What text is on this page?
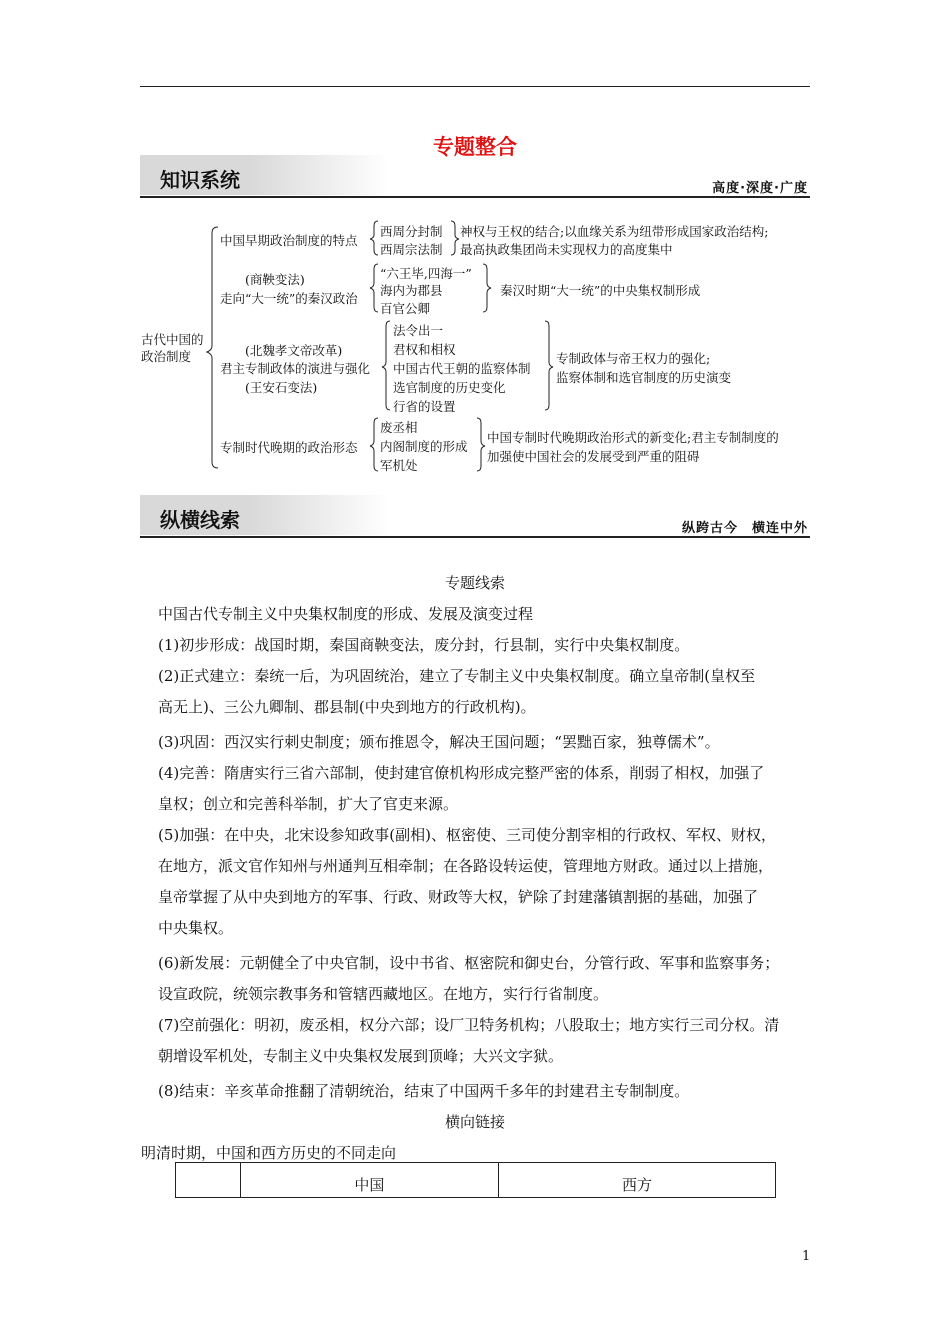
专题整合
知识系统	高度·深度·广度
古代中国的
政治制度
中国早期政治制度的特点
西周分封制
西周宗法制
神权与王权的结合;以血缘关系为纽带形成国家政治结构;
最高执政集团尚未实现权力的高度集中
(商鞅变法)
走向“大一统”的秦汉政治
“六王毕,四海一”
海内为郡县
百官公卿
秦汉时期“大一统”的中央集权制形成
(北魏孝文帝改革)
君主专制政体的演进与强化
(王安石变法)
法令出一
君权和相权
中国古代王朝的监察体制
选官制度的历史变化
行省的设置
专制政体与帝王权力的强化;
监察体制和选官制度的历史演变
专制时代晚期的政治形态
废丞相
内阁制度的形成
军机处
中国专制时代晚期政治形式的新变化;君主专制制度的
加强使中国社会的发展受到严重的阻碍
纵横线索	纵跨古今　横连中外

专题线索

中国古代专制主义中央集权制度的形成、发展及演变过程

(1)初步形成：战国时期，秦国商鞅变法，废分封，行县制，实行中央集权制度。

(2)正式建立：秦统一后，为巩固统治，建立了专制主义中央集权制度。确立皇帝制(皇权至

高无上)、三公九卿制、郡县制(中央到地方的行政机构)。

(3)巩固：西汉实行刺史制度；颁布推恩令，解决王国问题；“罢黜百家，独尊儒术”。

(4)完善：隋唐实行三省六部制，使封建官僚机构形成完整严密的体系，削弱了相权，加强了

皇权；创立和完善科举制，扩大了官吏来源。

(5)加强：在中央，北宋设参知政事(副相)、枢密使、三司使分割宰相的行政权、军权、财权，

在地方，派文官作知州与州通判互相牵制；在各路设转运使，管理地方财政。通过以上措施，

皇帝掌握了从中央到地方的军事、行政、财政等大权，铲除了封建藩镇割据的基础，加强了

中央集权。

(6)新发展：元朝健全了中央官制，设中书省、枢密院和御史台，分管行政、军事和监察事务；

设宣政院，统领宗教事务和管辖西藏地区。在地方，实行行省制度。

(7)空前强化：明初，废丞相，权分六部；设厂卫特务机构；八股取士；地方实行三司分权。清

朝增设军机处，专制主义中央集权发展到顶峰；大兴文字狱。

(8)结束：辛亥革命推翻了清朝统治，结束了中国两千多年的封建君主专制制度。

横向链接

明清时期，中国和西方历史的不同走向

	中国	西方
1
